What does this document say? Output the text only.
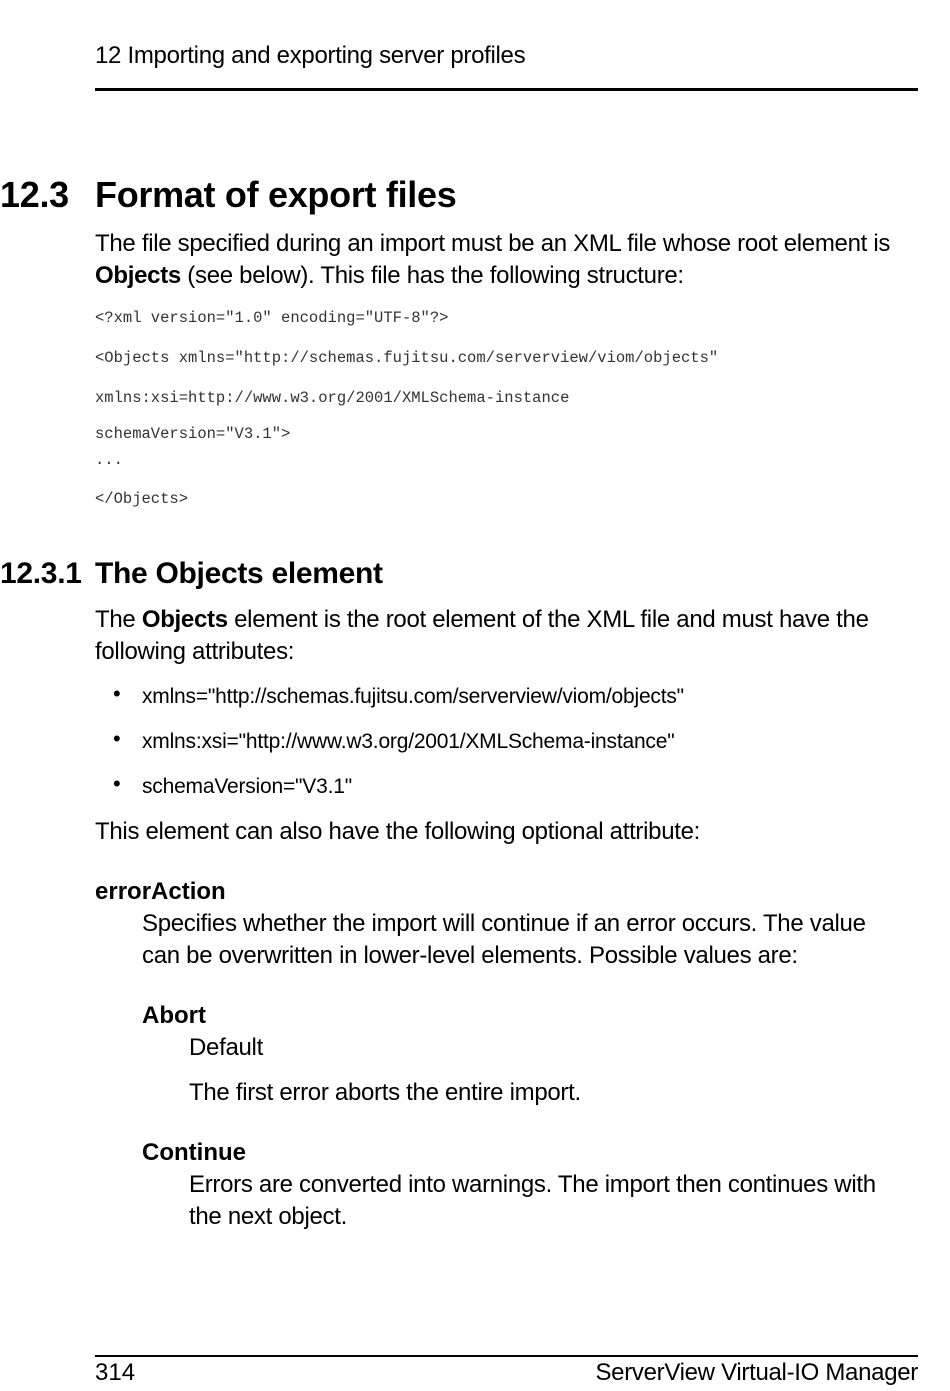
12 Importing and exporting server profiles
12.3 Format of export files
The file specified during an import must be an XML file whose root element is
Objects (see below). This file has the following structure:
<?xml version="1.0" encoding="UTF-8"?>
<Objects xmlns="http://schemas.fujitsu.com/serverview/viom/objects"
xmlns:xsi=http://www.w3.org/2001/XMLSchema-instance
schemaVersion="V3.1">
...
</Objects>
12.3.1 The Objects element
The Objects element is the root element of the XML file and must have the
following attributes:
• xmlns="http://schemas.fujitsu.com/serverview/viom/objects"
• xmlns:xsi="http://www.w3.org/2001/XMLSchema-instance"
• schemaVersion="V3.1"
This element can also have the following optional attribute:
errorAction
Specifies whether the import will continue if an error occurs. The value
can be overwritten in lower-level elements. Possible values are:
Abort
Default
The first error aborts the entire import.
Continue
Errors are converted into warnings. The import then continues with
the next object.
314	ServerView Virtual-IO Manager
